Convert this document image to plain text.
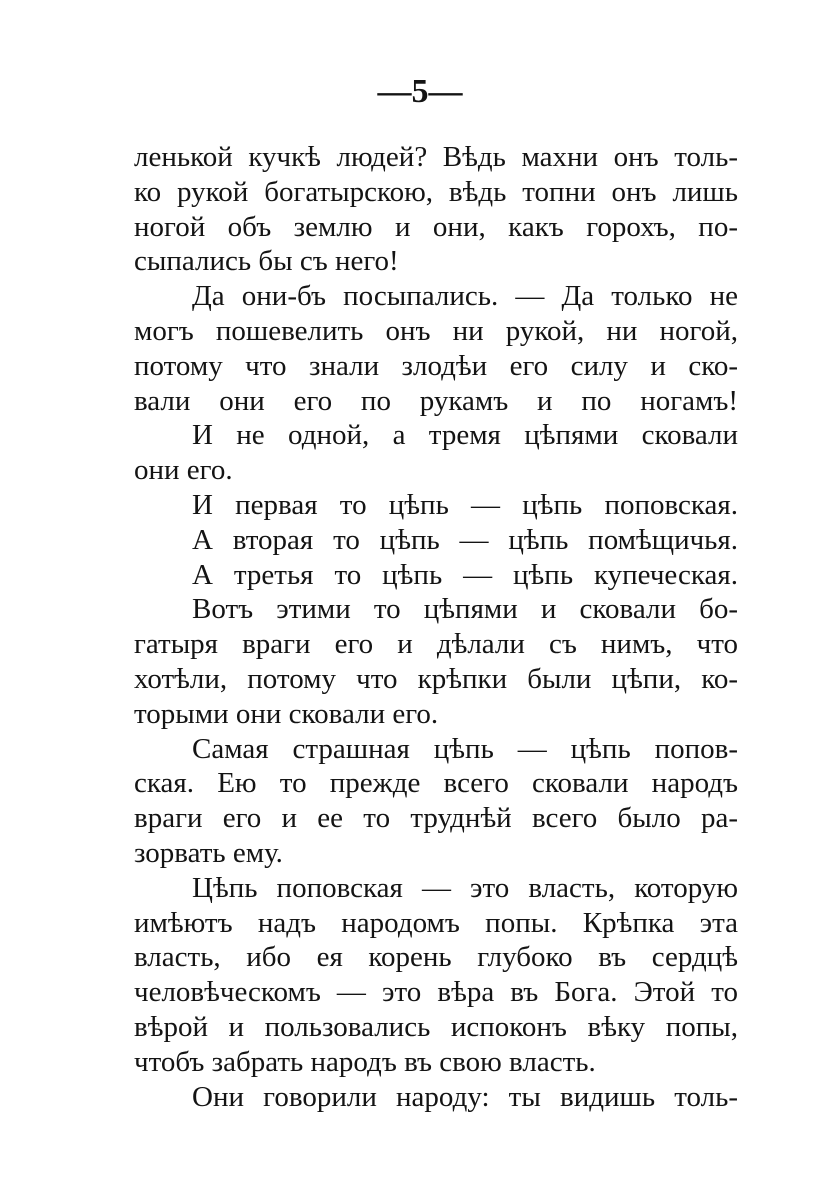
—5—
ленькой кучкѣ людей? Вѣдь махни онъ толь-
ко рукой богатырскою, вѣдь топни онъ лишь
ногой объ землю и они, какъ горохъ, по-
сыпались бы съ него!
Да они-бъ посыпались. — Да только не
могъ пошевелить онъ ни рукой, ни ногой,
потому что знали злодѣи его силу и ско-
вали они его по рукамъ и по ногамъ!
И не одной, а тремя цѣпями сковали
они его.
И первая то цѣпь — цѣпь поповская.
А вторая то цѣпь — цѣпь помѣщичья.
А третья то цѣпь — цѣпь купеческая.
Вотъ этими то цѣпями и сковали бо-
гатыря враги его и дѣлали съ нимъ, что
хотѣли, потому что крѣпки были цѣпи, ко-
торыми они сковали его.
Самая страшная цѣпь — цѣпь попов-
ская. Ею то прежде всего сковали народъ
враги его и ее то труднѣй всего было ра-
зорвать ему.
Цѣпь поповская — это власть, которую
имѣютъ надъ народомъ попы. Крѣпка эта
власть, ибо ея корень глубоко въ сердцѣ
человѣческомъ — это вѣра въ Бога. Этой то
вѣрой и пользовались испоконъ вѣку попы,
чтобъ забрать народъ въ свою власть.
Они говорили народу: ты видишь толь-
